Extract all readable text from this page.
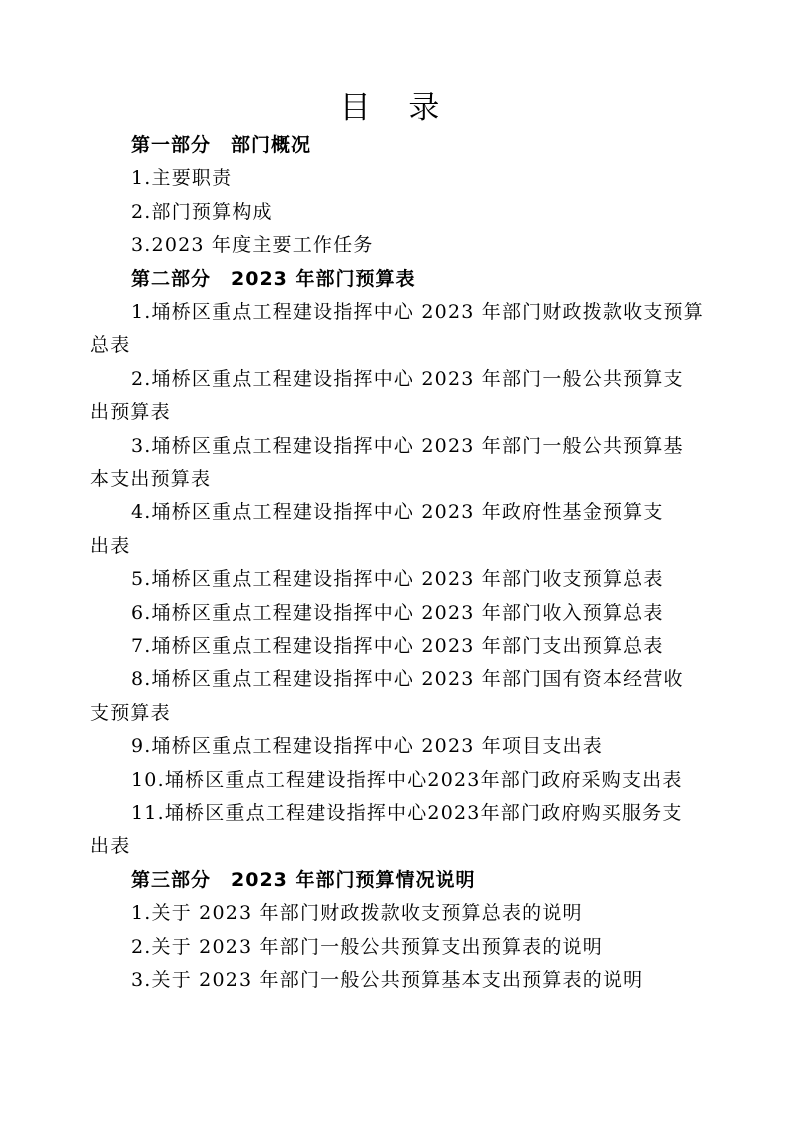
目 录
第一部分　部门概况
1.主要职责
2.部门预算构成
3.2023 年度主要工作任务
第二部分　2023 年部门预算表
1.埇桥区重点工程建设指挥中心 2023 年部门财政拨款收支预算
总表
2.埇桥区重点工程建设指挥中心 2023 年部门一般公共预算支
出预算表
3.埇桥区重点工程建设指挥中心 2023 年部门一般公共预算基
本支出预算表
4.埇桥区重点工程建设指挥中心 2023 年政府性基金预算支
出表
5.埇桥区重点工程建设指挥中心 2023 年部门收支预算总表
6.埇桥区重点工程建设指挥中心 2023 年部门收入预算总表
7.埇桥区重点工程建设指挥中心 2023 年部门支出预算总表
8.埇桥区重点工程建设指挥中心 2023 年部门国有资本经营收
支预算表
9.埇桥区重点工程建设指挥中心 2023 年项目支出表
10.埇桥区重点工程建设指挥中心2023年部门政府采购支出表
11.埇桥区重点工程建设指挥中心2023年部门政府购买服务支
出表
第三部分　2023 年部门预算情况说明
1.关于 2023 年部门财政拨款收支预算总表的说明
2.关于 2023 年部门一般公共预算支出预算表的说明
3.关于 2023 年部门一般公共预算基本支出预算表的说明
